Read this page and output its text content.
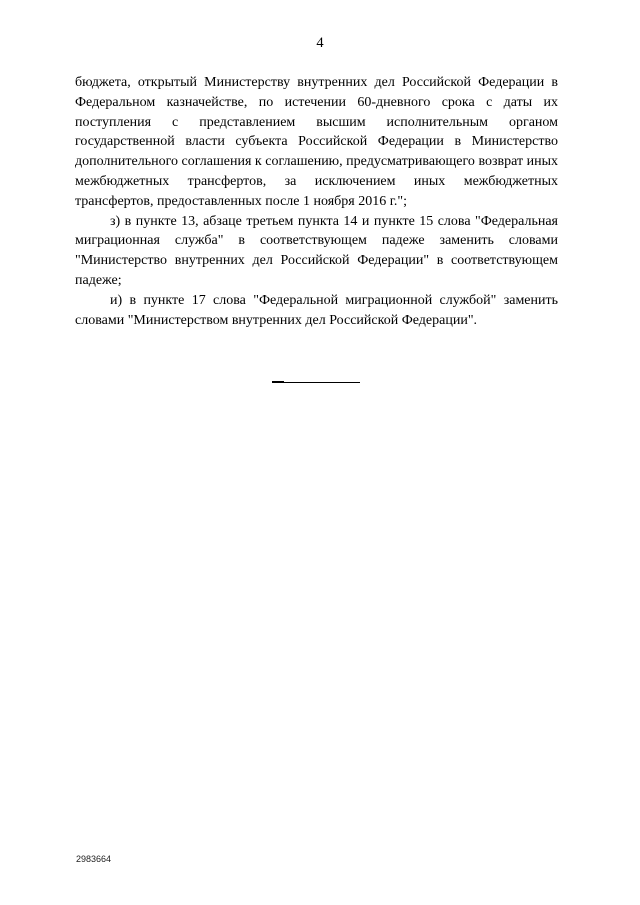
4

бюджета, открытый Министерству внутренних дел Российской Федерации в Федеральном казначействе, по истечении 60-дневного срока с даты их поступления с представлением высшим исполнительным органом государственной власти субъекта Российской Федерации в Министерство дополнительного соглашения к соглашению, предусматривающего возврат иных межбюджетных трансфертов, за исключением иных межбюджетных трансфертов, предоставленных после 1 ноября 2016 г.";

з) в пункте 13, абзаце третьем пункта 14 и пункте 15 слова "Федеральная миграционная служба" в соответствующем падеже заменить словами "Министерство внутренних дел Российской Федерации" в соответствующем падеже;

и) в пункте 17 слова "Федеральной миграционной службой" заменить словами "Министерством внутренних дел Российской Федерации".

2983664
